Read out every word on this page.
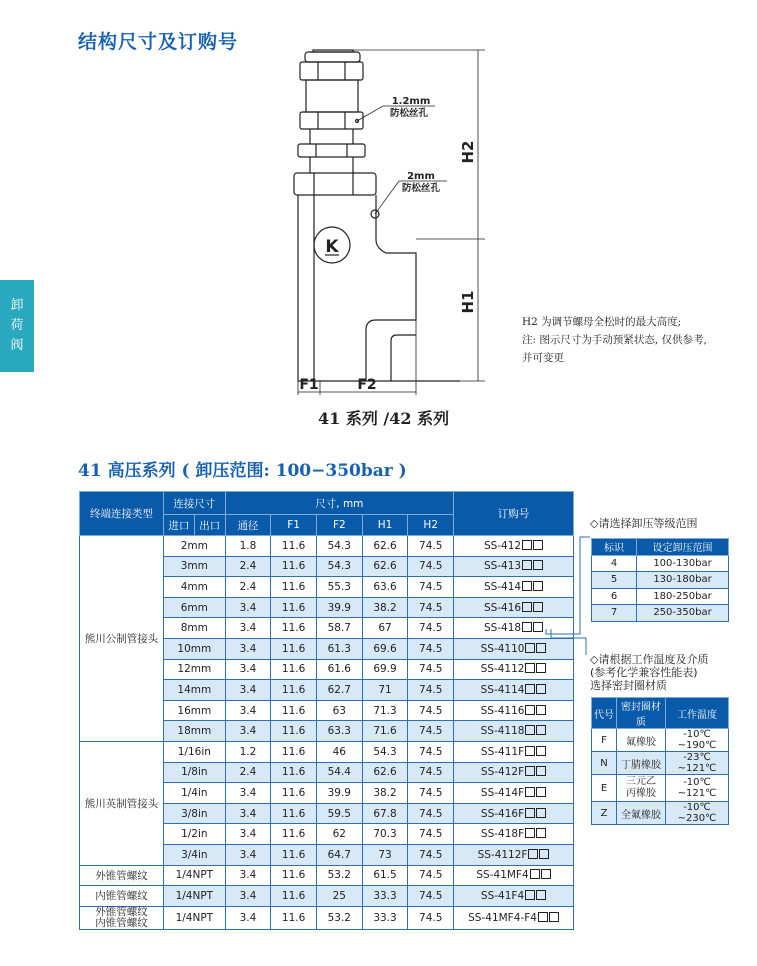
结构尺寸及订购号
卸
荷
阀
K
1.2mm
防松丝孔
2mm
防松丝孔
H2
H1
F1	F2
41 系列 /42 系列
H2 为调节螺母全松时的最大高度;
注: 图示尺寸为手动预紧状态, 仅供参考,
并可变更
41 高压系列 ( 卸压范围: 100−350bar )
终端连接类型	连接尺寸		尺寸, mm					订购号
	进口	出口	通径	F1	F2	H1	H2	
熊川公制管接头	2mm		1.8	11.6	54.3	62.6	74.5	SS-412
	3mm		2.4	11.6	54.3	62.6	74.5	SS-413
	4mm		2.4	11.6	55.3	63.6	74.5	SS-414
	6mm		3.4	11.6	39.9	38.2	74.5	SS-416
	8mm		3.4	11.6	58.7	67	74.5	SS-418
	10mm		3.4	11.6	61.3	69.6	74.5	SS-4110
	12mm		3.4	11.6	61.6	69.9	74.5	SS-4112
	14mm		3.4	11.6	62.7	71	74.5	SS-4114
	16mm		3.4	11.6	63	71.3	74.5	SS-4116
	18mm		3.4	11.6	63.3	71.6	74.5	SS-4118
熊川英制管接头	1/16in		1.2	11.6	46	54.3	74.5	SS-411F
	1/8in		2.4	11.6	54.4	62.6	74.5	SS-412F
	1/4in		3.4	11.6	39.9	38.2	74.5	SS-414F
	3/8in		3.4	11.6	59.5	67.8	74.5	SS-416F
	1/2in		3.4	11.6	62	70.3	74.5	SS-418F
	3/4in		3.4	11.6	64.7	73	74.5	SS-4112F
外锥管螺纹	1/4NPT		3.4	11.6	53.2	61.5	74.5	SS-41MF4
内锥管螺纹	1/4NPT		3.4	11.6	25	33.3	74.5	SS-41F4

外锥管螺纹
内锥管螺纹	1/4NPT		3.4	11.6	53.2	33.3	74.5	SS-41MF4-F4
◇请选择卸压等级范围
标识	设定卸压范围
4	100-130bar
5	130-180bar
6	180-250bar
7	250-350bar
◇请根据工作温度及介质
(参考化学兼容性能表)
选择密封圈材质
代号	密封圈材质	工作温度
F	氟橡胶	-10℃ ~190℃
N	丁腈橡胶	-23℃ ~121℃
E	三元乙丙橡胶	-10℃ ~121℃
Z	全氟橡胶	-10℃ ~230℃
